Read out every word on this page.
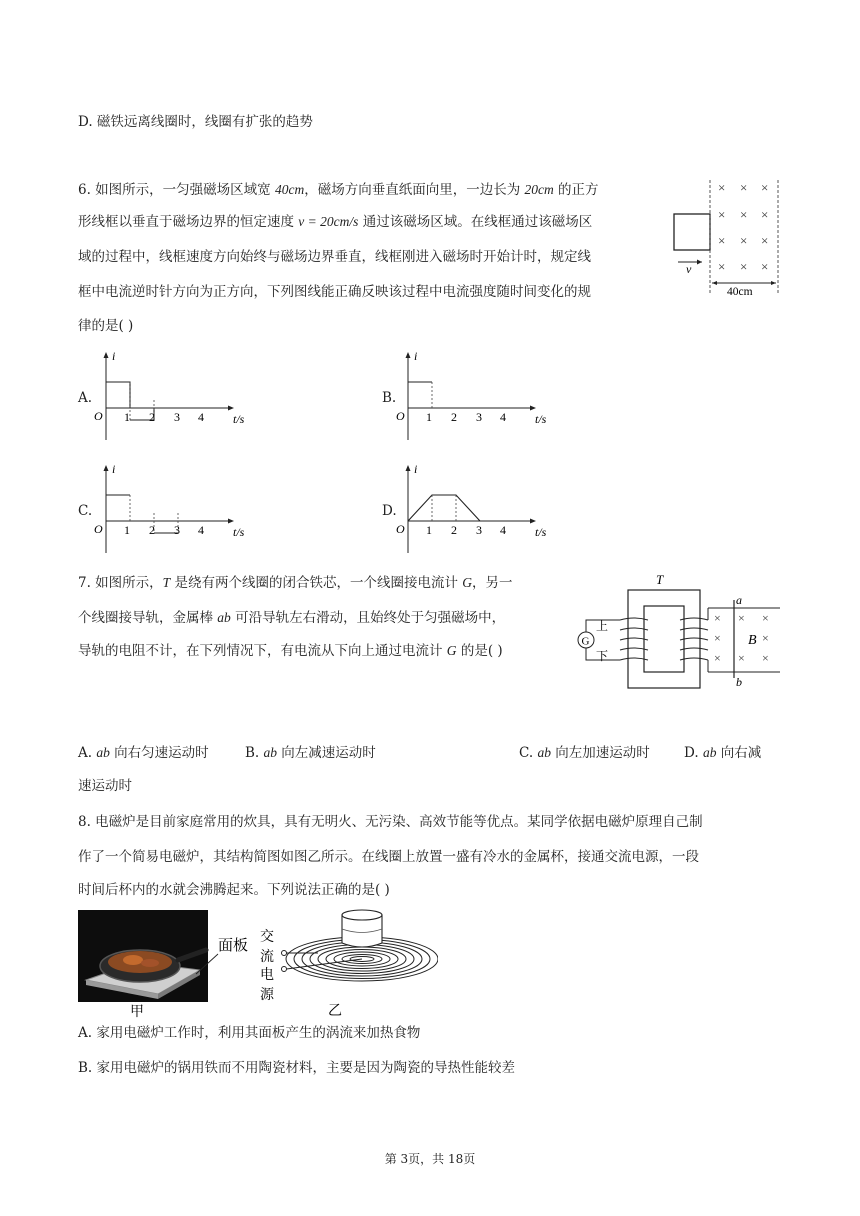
D. 磁铁远离线圈时，线圈有扩张的趋势
6. 如图所示，一匀强磁场区域宽 40cm，磁场方向垂直纸面向里，一边长为 20cm 的正方
形线框以垂直于磁场边界的恒定速度 v = 20cm/s 通过该磁场区域。在线框通过该磁场区
域的过程中，线框速度方向始终与磁场边界垂直，线框刚进入磁场时开始计时，规定线
框中电流逆时针方向为正方向，下列图线能正确反映该过程中电流强度随时间变化的规
律的是( )
× × ×
× × ×
× × ×
× × ×
v
40cm
A.
i
O	t/s
1 2 3 4
B.
i
O	t/s
1 2 3 4
C.
i
O	t/s
1 2 3 4
D.
i
O	t/s
1 2 3 4
7. 如图所示，T 是绕有两个线圈的闭合铁芯，一个线圈接电流计 G，另一
个线圈接导轨，金属棒 ab 可沿导轨左右滑动，且始终处于匀强磁场中，
导轨的电阻不计，在下列情况下，有电流从下向上通过电流计 G 的是( )
T
G
上
下
a
b
×
×
×
× ×
×
× ×
B
A. ab 向右匀速运动时	B. ab 向左减速运动时	C. ab 向左加速运动时	D. ab 向右减
速运动时
8. 电磁炉是目前家庭常用的炊具，具有无明火、无污染、高效节能等优点。某同学依据电磁炉原理自己制
作了一个简易电磁炉，其结构简图如图乙所示。在线圈上放置一盛有冷水的金属杯，接通交流电源，一段
时间后杯内的水就会沸腾起来。下列说法正确的是( )
面板
甲
交
流
电
源
乙
A. 家用电磁炉工作时，利用其面板产生的涡流来加热食物
B. 家用电磁炉的锅用铁而不用陶瓷材料，主要是因为陶瓷的导热性能较差
第 3页，共 18页
